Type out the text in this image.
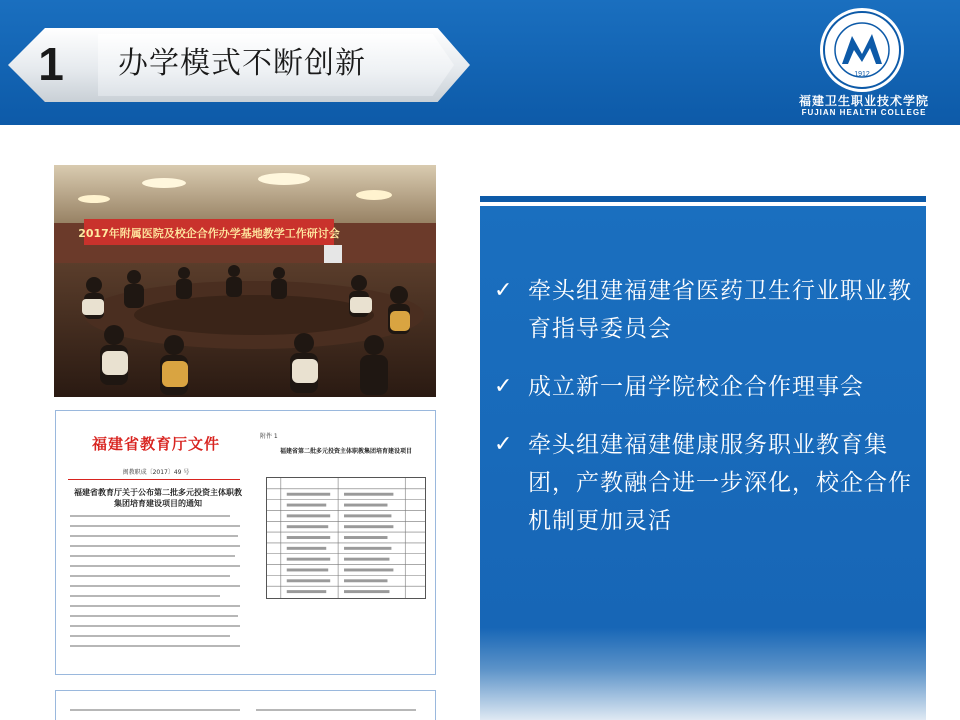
1	办学模式不断创新	1912
福建卫生职业技术学院
FUJIAN HEALTH COLLEGE
2017年附属医院及校企合作办学基地教学工作研讨会
福建省教育厅文件
闽教职成〔2017〕49 号
福建省教育厅关于公布第二批多元投资主体职教集团培育建设项目的通知
附件 1
福建省第二批多元投资主体职教集团培育建设项目
✓ 牵头组建福建省医药卫生行业职业教育指导委员会
✓ 成立新一届学院校企合作理事会
✓ 牵头组建福建健康服务职业教育集团，产教融合进一步深化，校企合作机制更加灵活
